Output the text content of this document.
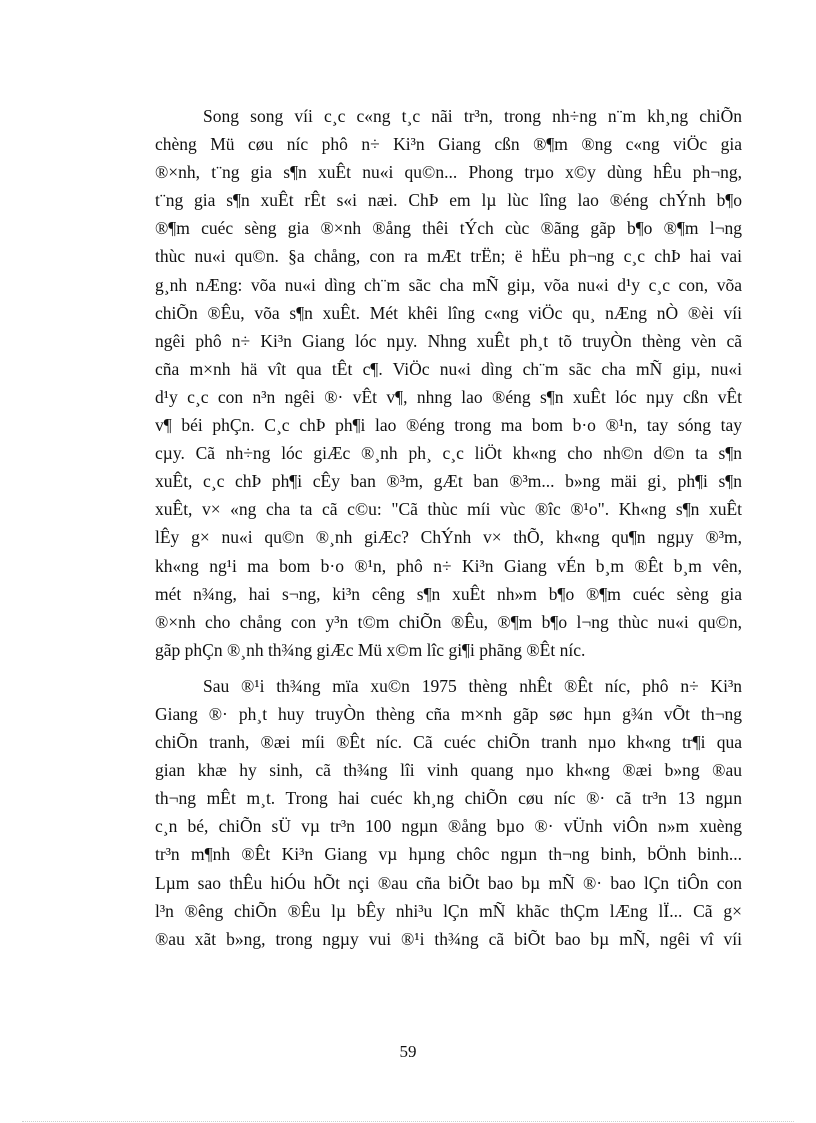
Song song víi c¸c c«ng t¸c nãi tr³n, trong nh÷ng n¨m kh¸ng chiÕn
chèng Mü cøu níc phô n÷ Ki³n Giang cßn ®¶m ®ng c«ng viÖc gia
®×nh, t¨ng gia s¶n xuÊt nu«i qu©n... Phong trµo x©y dùng hÊu ph¬ng,
t¨ng gia s¶n xuÊt rÊt s«i næi. ChÞ em lµ lùc lîng lao ®éng chÝnh b¶o
®¶m cuéc sèng gia ®×nh ®ång thêi tÝch cùc ®ãng gãp b¶o ®¶m l¬ng
thùc nu«i qu©n. §a chång, con ra mÆt trËn; ë hËu ph¬ng c¸c chÞ hai vai
g¸nh nÆng: võa nu«i dìng ch¨m sãc cha mÑ giµ, võa nu«i d¹y c¸c con, võa
chiÕn ®Êu, võa s¶n xuÊt. Mét khêi lîng c«ng viÖc qu¸ nÆng nÒ ®èi víi
ngêi phô n÷ Ki³n Giang lóc nµy. Nhng xuÊt ph¸t tõ truyÒn thèng vèn cã
cña m×nh hä vît qua tÊt c¶. ViÖc nu«i dìng ch¨m sãc cha mÑ giµ, nu«i
d¹y c¸c con n³n ngêi ®· vÊt v¶, nhng lao ®éng s¶n xuÊt lóc nµy cßn vÊt
v¶ béi phÇn. C¸c chÞ ph¶i lao ®éng trong ma bom b·o ®¹n, tay sóng tay
cµy. Cã nh÷ng lóc giÆc ®¸nh ph¸ c¸c liÖt kh«ng cho nh©n d©n ta s¶n
xuÊt, c¸c chÞ ph¶i cÊy ban ®³m, gÆt ban ®³m... b»ng mäi gi¸ ph¶i s¶n
xuÊt, v× «ng cha ta cã c©u: "Cã thùc míi vùc ®îc ®¹o". Kh«ng s¶n xuÊt
lÊy g× nu«i qu©n ®¸nh giÆc? ChÝnh v× thÕ, kh«ng qu¶n ngµy ®³m,
kh«ng ng¹i ma bom b·o ®¹n, phô n÷ Ki³n Giang vÉn b¸m ®Êt b¸m vên,
mét n¾ng, hai s¬ng, ki³n cêng s¶n xuÊt nh»m b¶o ®¶m cuéc sèng gia
®×nh cho chång con y³n t©m chiÕn ®Êu, ®¶m b¶o l¬ng thùc nu«i qu©n,
gãp phÇn ®¸nh th¾ng giÆc Mü x©m lîc gi¶i phãng ®Êt níc.
Sau ®¹i th¾ng mïa xu©n 1975 thèng nhÊt ®Êt níc, phô n÷ Ki³n
Giang ®· ph¸t huy truyÒn thèng cña m×nh gãp søc hµn g¾n vÕt th¬ng
chiÕn tranh, ®æi míi ®Êt níc. Cã cuéc chiÕn tranh nµo kh«ng tr¶i qua
gian khæ hy sinh, cã th¾ng lîi vinh quang nµo kh«ng ®æi b»ng ®au
th¬ng mÊt m¸t. Trong hai cuéc kh¸ng chiÕn cøu níc ®· cã tr³n 13 ngµn
c¸n bé, chiÕn sÜ vµ tr³n 100 ngµn ®ång bµo ®· vÜnh viÔn n»m xuèng
tr³n m¶nh ®Êt Ki³n Giang vµ hµng chôc ngµn th¬ng binh, bÖnh binh...
Lµm sao thÊu hiÓu hÕt nçi ®au cña biÕt bao bµ mÑ ®· bao lÇn tiÔn con
l³n ®êng chiÕn ®Êu lµ bÊy nhi³u lÇn mÑ khãc thÇm lÆng lÏ... Cã g×
®au xãt b»ng, trong ngµy vui ®¹i th¾ng cã biÕt bao bµ mÑ, ngêi vî víi
59
